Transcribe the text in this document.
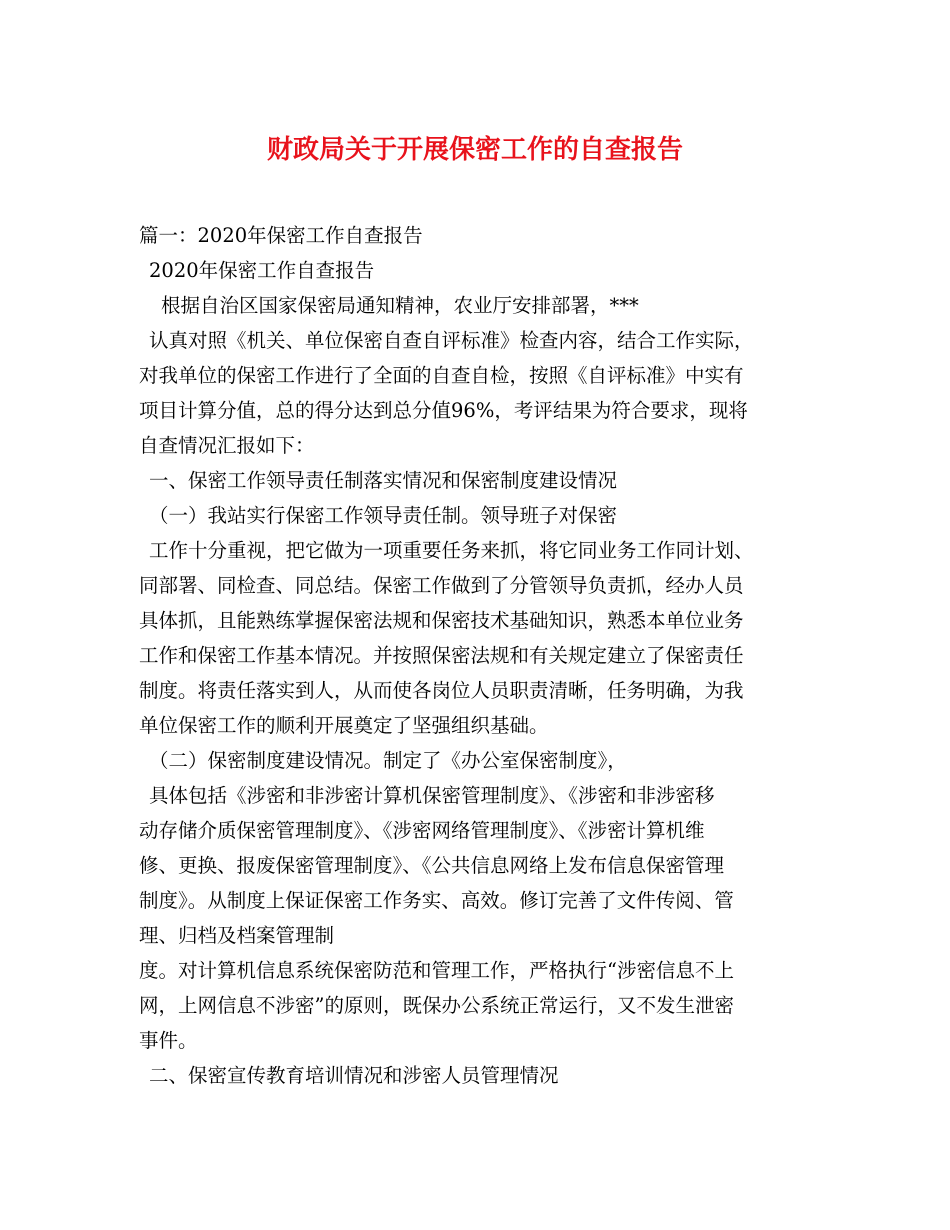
财政局关于开展保密工作的自查报告

篇一：2020年保密工作自查报告

2020年保密工作自查报告

根据自治区国家保密局通知精神，农业厅安排部署，***

认真对照《机关、单位保密自查自评标准》检查内容，结合工作实际，

对我单位的保密工作进行了全面的自查自检，按照《自评标准》中实有

项目计算分值，总的得分达到总分值96%，考评结果为符合要求，现将

自查情况汇报如下：

一、保密工作领导责任制落实情况和保密制度建设情况

（一）我站实行保密工作领导责任制。领导班子对保密

工作十分重视，把它做为一项重要任务来抓，将它同业务工作同计划、

同部署、同检查、同总结。保密工作做到了分管领导负责抓，经办人员

具体抓，且能熟练掌握保密法规和保密技术基础知识，熟悉本单位业务

工作和保密工作基本情况。并按照保密法规和有关规定建立了保密责任

制度。将责任落实到人，从而使各岗位人员职责清晰，任务明确，为我

单位保密工作的顺利开展奠定了坚强组织基础。

（二）保密制度建设情况。制定了《办公室保密制度》，

具体包括《涉密和非涉密计算机保密管理制度》、《涉密和非涉密移

动存储介质保密管理制度》、《涉密网络管理制度》、《涉密计算机维

修、更换、报废保密管理制度》、《公共信息网络上发布信息保密管理

制度》。从制度上保证保密工作务实、高效。修订完善了文件传阅、管

理、归档及档案管理制

度。对计算机信息系统保密防范和管理工作，严格执行“涉密信息不上

网，上网信息不涉密”的原则，既保办公系统正常运行，又不发生泄密

事件。

二、保密宣传教育培训情况和涉密人员管理情况
